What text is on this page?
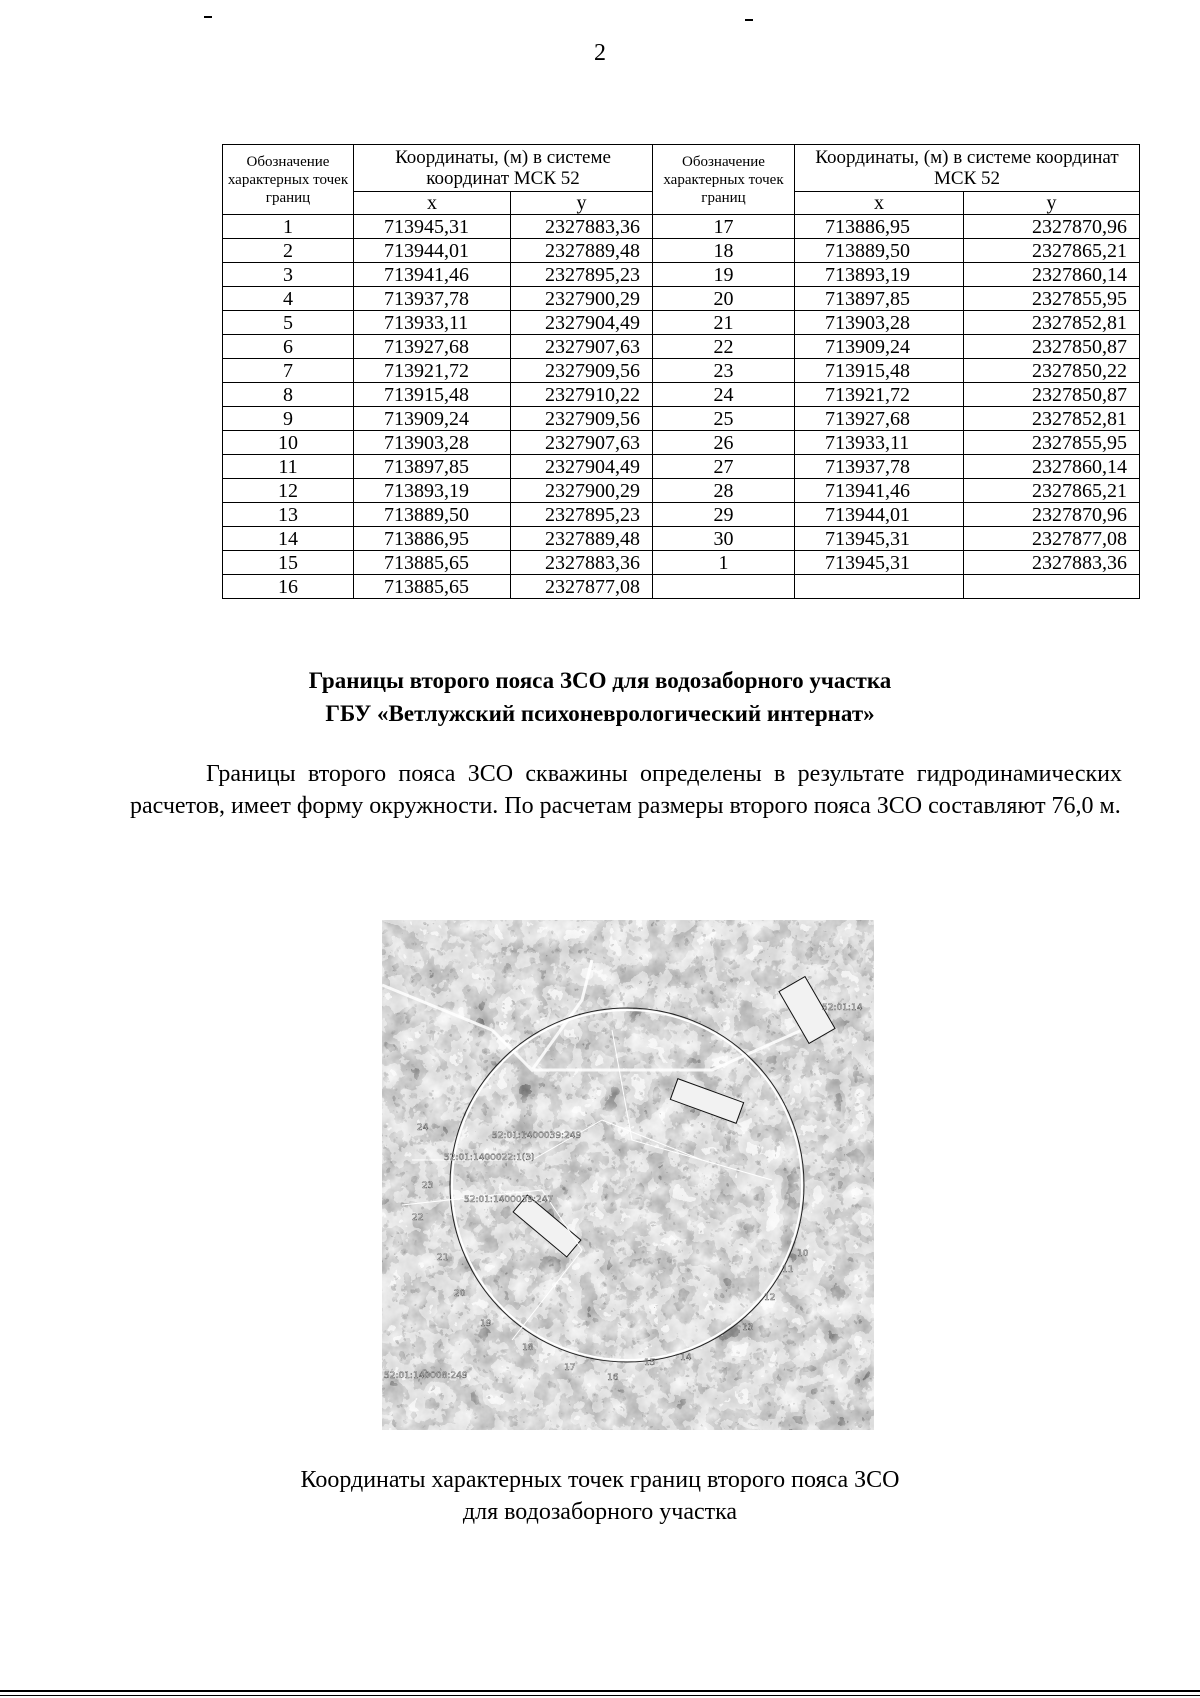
2
Обозначение характерных точек границ	Координаты, (м) в системе координат МСК 52		Обозначение характерных точек границ	Координаты, (м) в системе координат МСК 52	
	x	y		x	y
1	713945,31	2327883,36	17	713886,95	2327870,96
2	713944,01	2327889,48	18	713889,50	2327865,21
3	713941,46	2327895,23	19	713893,19	2327860,14
4	713937,78	2327900,29	20	713897,85	2327855,95
5	713933,11	2327904,49	21	713903,28	2327852,81
6	713927,68	2327907,63	22	713909,24	2327850,87
7	713921,72	2327909,56	23	713915,48	2327850,22
8	713915,48	2327910,22	24	713921,72	2327850,87
9	713909,24	2327909,56	25	713927,68	2327852,81
10	713903,28	2327907,63	26	713933,11	2327855,95
11	713897,85	2327904,49	27	713937,78	2327860,14
12	713893,19	2327900,29	28	713941,46	2327865,21
13	713889,50	2327895,23	29	713944,01	2327870,96
14	713886,95	2327889,48	30	713945,31	2327877,08
15	713885,65	2327883,36	1	713945,31	2327883,36
16	713885,65	2327877,08			
Границы второго пояса ЗСО для водозаборного участка
ГБУ «Ветлужский психоневрологический интернат»
Границы второго пояса ЗСО скважины определены в результате гидродинамических расчетов, имеет форму окружности. По расчетам размеры второго пояса ЗСО составляют 76,0 м.
52:01:1400039:249
52:01:1400022:1(3)
52:01:1400039:247
52:01:14
52:01:140008:249
24
23
22
21
20
19
18
17
16
15	14
13
12
11
10
Координаты характерных точек границ второго пояса ЗСО
для водозаборного участка
